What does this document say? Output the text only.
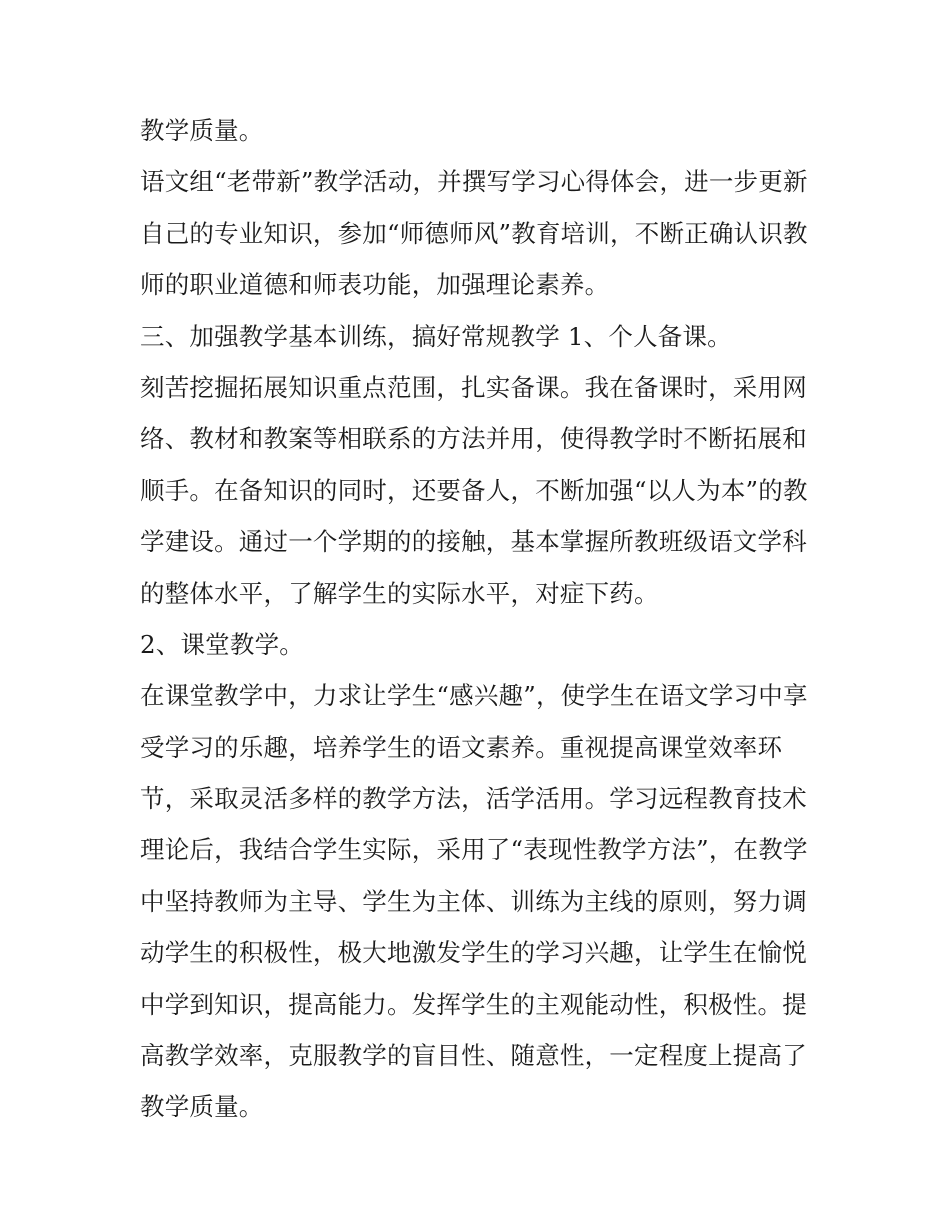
教学质量。
语文组“老带新”教学活动，并撰写学习心得体会，进一步更新
自己的专业知识，参加“师德师风”教育培训，不断正确认识教
师的职业道德和师表功能，加强理论素养。
三、加强教学基本训练，搞好常规教学 1、个人备课。
刻苦挖掘拓展知识重点范围，扎实备课。我在备课时，采用网
络、教材和教案等相联系的方法并用，使得教学时不断拓展和
顺手。在备知识的同时，还要备人，不断加强“以人为本”的教
学建设。通过一个学期的的接触，基本掌握所教班级语文学科
的整体水平，了解学生的实际水平，对症下药。
2、课堂教学。
在课堂教学中，力求让学生“感兴趣”，使学生在语文学习中享
受学习的乐趣，培养学生的语文素养。重视提高课堂效率环
节，采取灵活多样的教学方法，活学活用。学习远程教育技术
理论后，我结合学生实际，采用了“表现性教学方法”，在教学
中坚持教师为主导、学生为主体、训练为主线的原则，努力调
动学生的积极性，极大地激发学生的学习兴趣，让学生在愉悦
中学到知识，提高能力。发挥学生的主观能动性，积极性。提
高教学效率，克服教学的盲目性、随意性，一定程度上提高了
教学质量。
